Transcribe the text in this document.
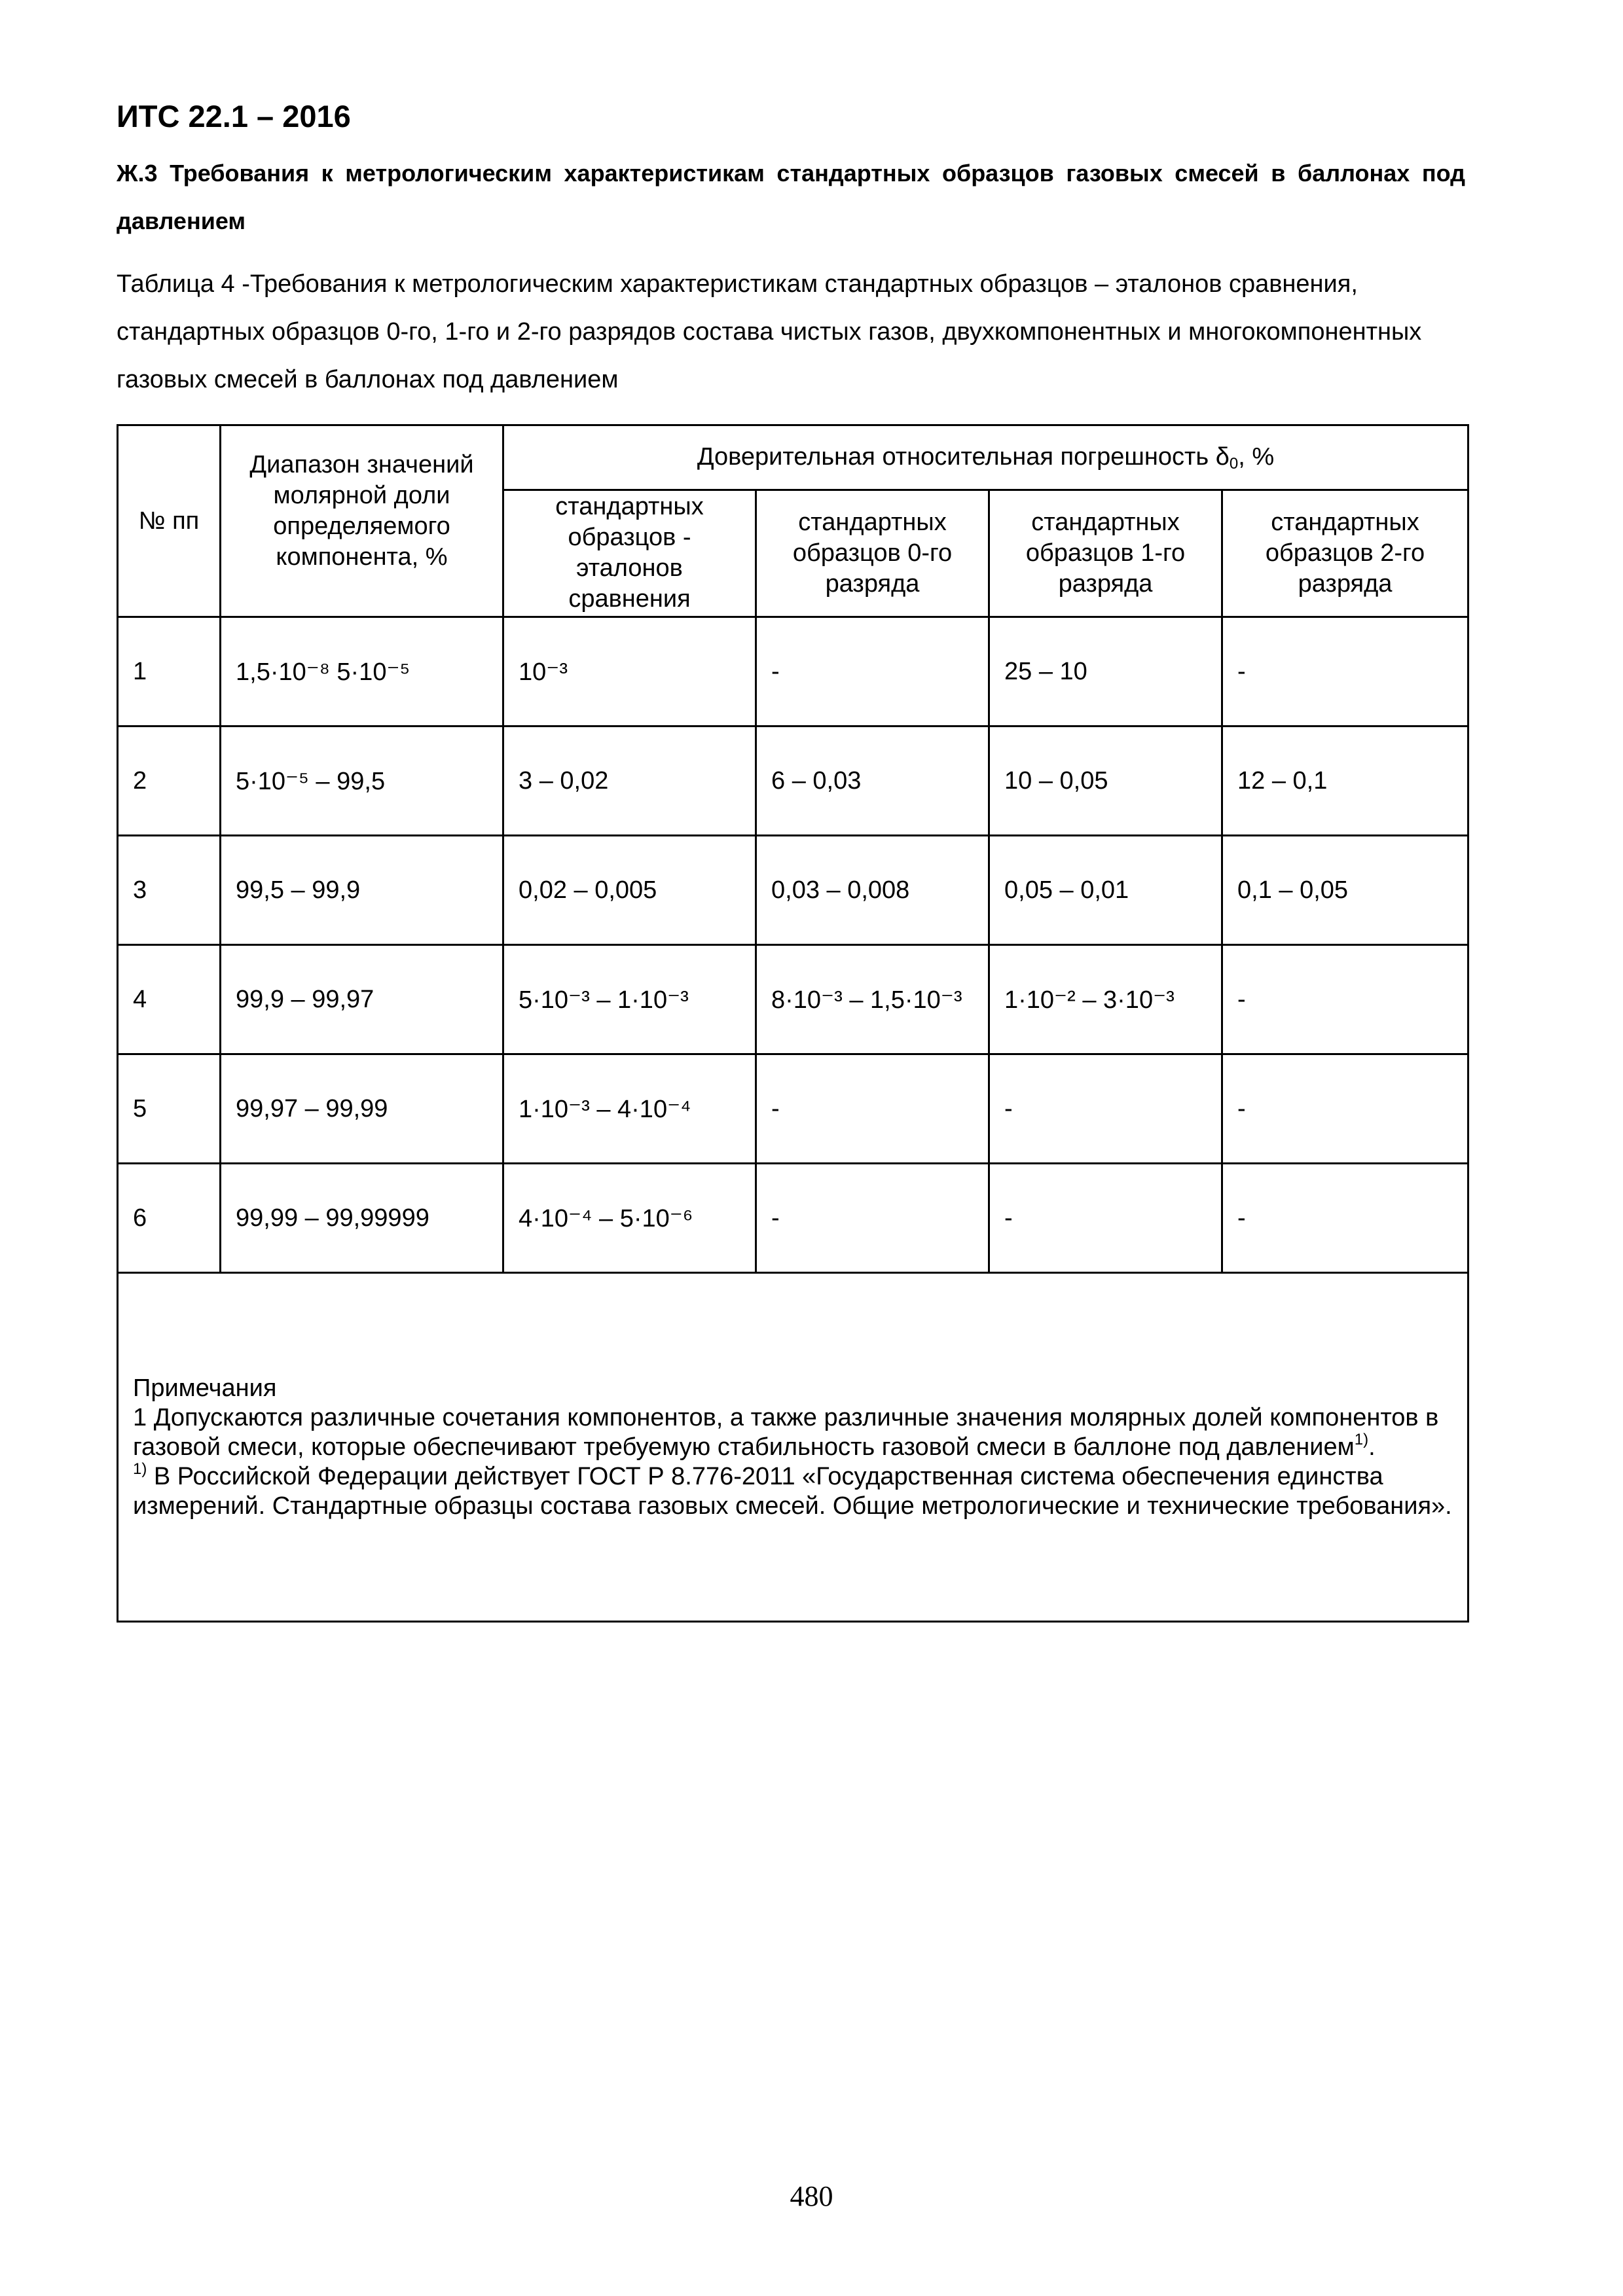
ИТС 22.1 – 2016
Ж.3 Требования к метрологическим характеристикам стандартных образцов газовых смесей в баллонах под давлением
Таблица 4 -Требования к метрологическим характеристикам стандартных образцов – эталонов сравнения, стандартных образцов 0-го, 1-го и 2-го разрядов состава чистых газов, двухкомпонентных и многокомпонентных газовых смесей в баллонах под давлением
№ пп	Диапазон значений молярной доли определяемого компонента, %	Доверительная относительная погрешность $\delta_0$, %			
		стандартных образцов - эталонов сравнения	стандартных образцов 0-го разряда	стандартных образцов 1-го разряда	стандартных образцов 2-го разряда
1	1,5·10⁻⁸ 5·10⁻⁵	10⁻³	-	25 – 10	-
2	5·10⁻⁵ – 99,5	3 – 0,02	6 – 0,03	10 – 0,05	12 – 0,1
3	99,5 – 99,9	0,02 – 0,005	0,03 – 0,008	0,05 – 0,01	0,1 – 0,05
4	99,9 – 99,97	5·10⁻³ – 1·10⁻³	8·10⁻³ – 1,5·10⁻³	1·10⁻² – 3·10⁻³	-
5	99,97 – 99,99	1·10⁻³ – 4·10⁻⁴	-	-	-
6	99,99 – 99,99999	4·10⁻⁴ – 5·10⁻⁶	-	-	-

Примечания
1 Допускаются различные сочетания компонентов, а также различные значения молярных долей компонентов в газовой смеси, которые обеспечивают требуемую стабильность газовой смеси в баллоне под давлением$^{1)}$.
$^{1)}$ В Российской Федерации действует ГОСТ Р 8.776-2011 «Государственная система обеспечения единства измерений. Стандартные образцы состава газовых смесей. Общие метрологические и технические требования».					
480
